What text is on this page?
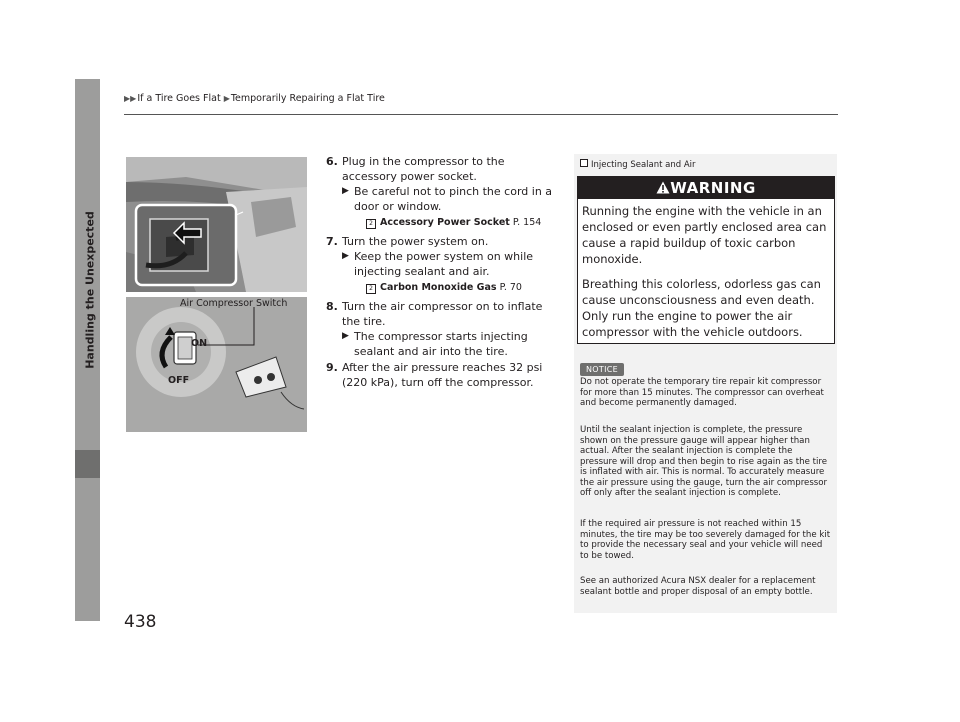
▶▶If a Tire Goes Flat ▶Temporarily Repairing a Flat Tire
Handling the Unexpected
438
Air Compressor Switch
ON
OFF
6. Plug in the compressor to the accessory power socket.
▶ Be careful not to pinch the cord in a door or window.
2 Accessory Power Socket P. 154
7. Turn the power system on.
▶ Keep the power system on while injecting sealant and air.
2 Carbon Monoxide Gas P. 70
8. Turn the air compressor on to inflate the tire.
▶ The compressor starts injecting sealant and air into the tire.
9. After the air pressure reaches 32 psi (220 kPa), turn off the compressor.
Injecting Sealant and Air
WARNING
Running the engine with the vehicle in an enclosed or even partly enclosed area can cause a rapid buildup of toxic carbon monoxide.
Breathing this colorless, odorless gas can cause unconsciousness and even death. Only run the engine to power the air compressor with the vehicle outdoors.
NOTICE
Do not operate the temporary tire repair kit compressor for more than 15 minutes. The compressor can overheat and become permanently damaged.
Until the sealant injection is complete, the pressure shown on the pressure gauge will appear higher than actual. After the sealant injection is complete the pressure will drop and then begin to rise again as the tire is inflated with air. This is normal. To accurately measure the air pressure using the gauge, turn the air compressor off only after the sealant injection is complete.
If the required air pressure is not reached within 15 minutes, the tire may be too severely damaged for the kit to provide the necessary seal and your vehicle will need to be towed.
See an authorized Acura NSX dealer for a replacement sealant bottle and proper disposal of an empty bottle.
